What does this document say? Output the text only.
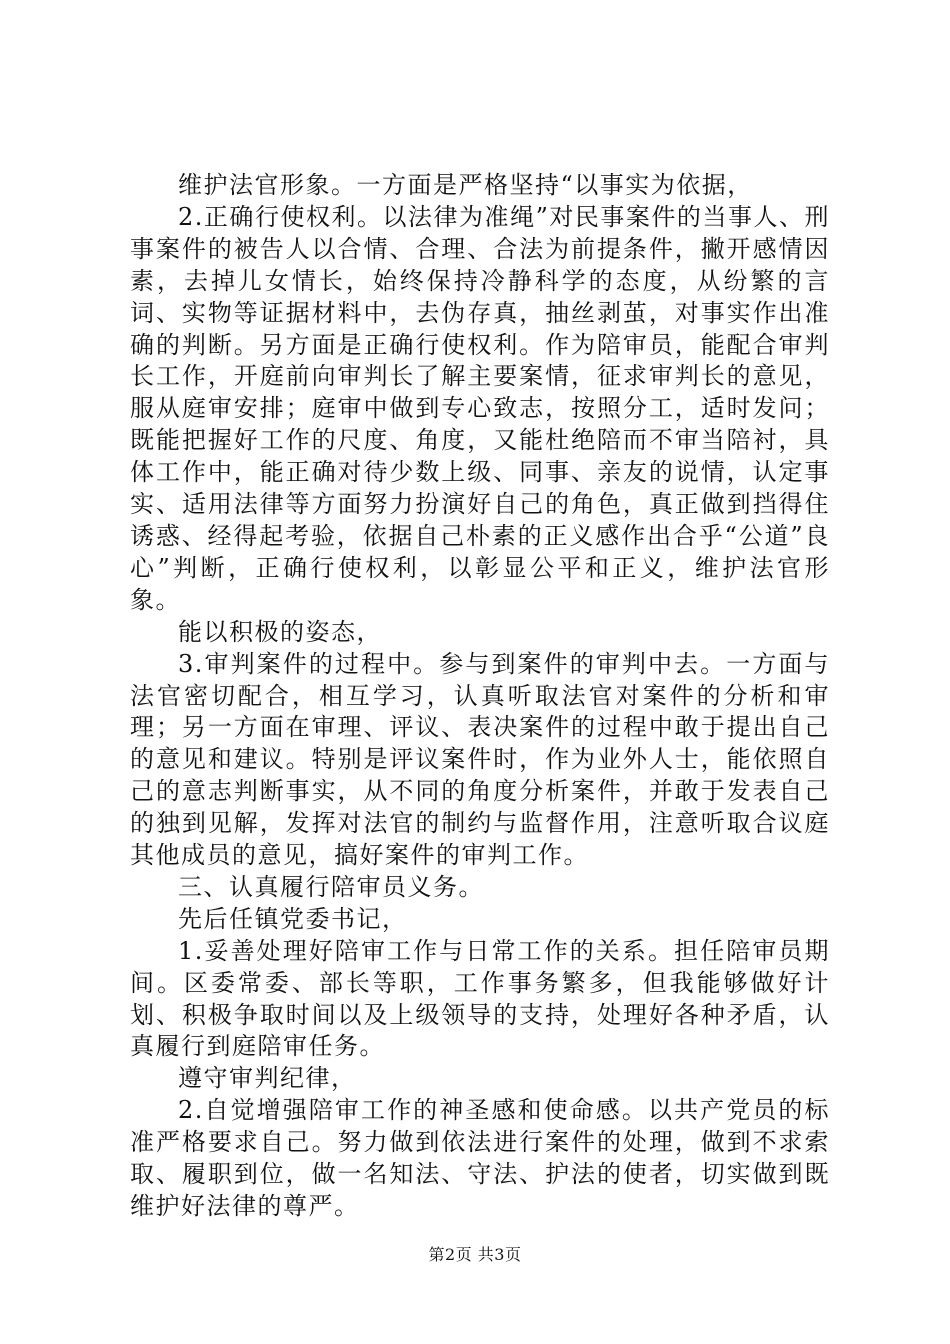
维护法官形象。一方面是严格坚持“以事实为依据，

2.正确行使权利。以法律为准绳”对民事案件的当事人、刑事案件的被告人以合情、合理、合法为前提条件，撇开感情因素，去掉儿女情长，始终保持冷静科学的态度，从纷繁的言词、实物等证据材料中，去伪存真，抽丝剥茧，对事实作出准确的判断。另方面是正确行使权利。作为陪审员，能配合审判长工作，开庭前向审判长了解主要案情，征求审判长的意见，服从庭审安排；庭审中做到专心致志，按照分工，适时发问；既能把握好工作的尺度、角度，又能杜绝陪而不审当陪衬，具体工作中，能正确对待少数上级、同事、亲友的说情，认定事实、适用法律等方面努力扮演好自己的角色，真正做到挡得住诱惑、经得起考验，依据自己朴素的正义感作出合乎“公道”良心”判断，正确行使权利，以彰显公平和正义，维护法官形象。

能以积极的姿态，

3.审判案件的过程中。参与到案件的审判中去。一方面与法官密切配合，相互学习，认真听取法官对案件的分析和审理；另一方面在审理、评议、表决案件的过程中敢于提出自己的意见和建议。特别是评议案件时，作为业外人士，能依照自己的意志判断事实，从不同的角度分析案件，并敢于发表自己的独到见解，发挥对法官的制约与监督作用，注意听取合议庭其他成员的意见，搞好案件的审判工作。

三、认真履行陪审员义务。

先后任镇党委书记，

1.妥善处理好陪审工作与日常工作的关系。担任陪审员期间。区委常委、部长等职，工作事务繁多，但我能够做好计划、积极争取时间以及上级领导的支持，处理好各种矛盾，认真履行到庭陪审任务。

遵守审判纪律，

2.自觉增强陪审工作的神圣感和使命感。以共产党员的标准严格要求自己。努力做到依法进行案件的处理，做到不求索取、履职到位，做一名知法、守法、护法的使者，切实做到既维护好法律的尊严。

第2页 共3页
